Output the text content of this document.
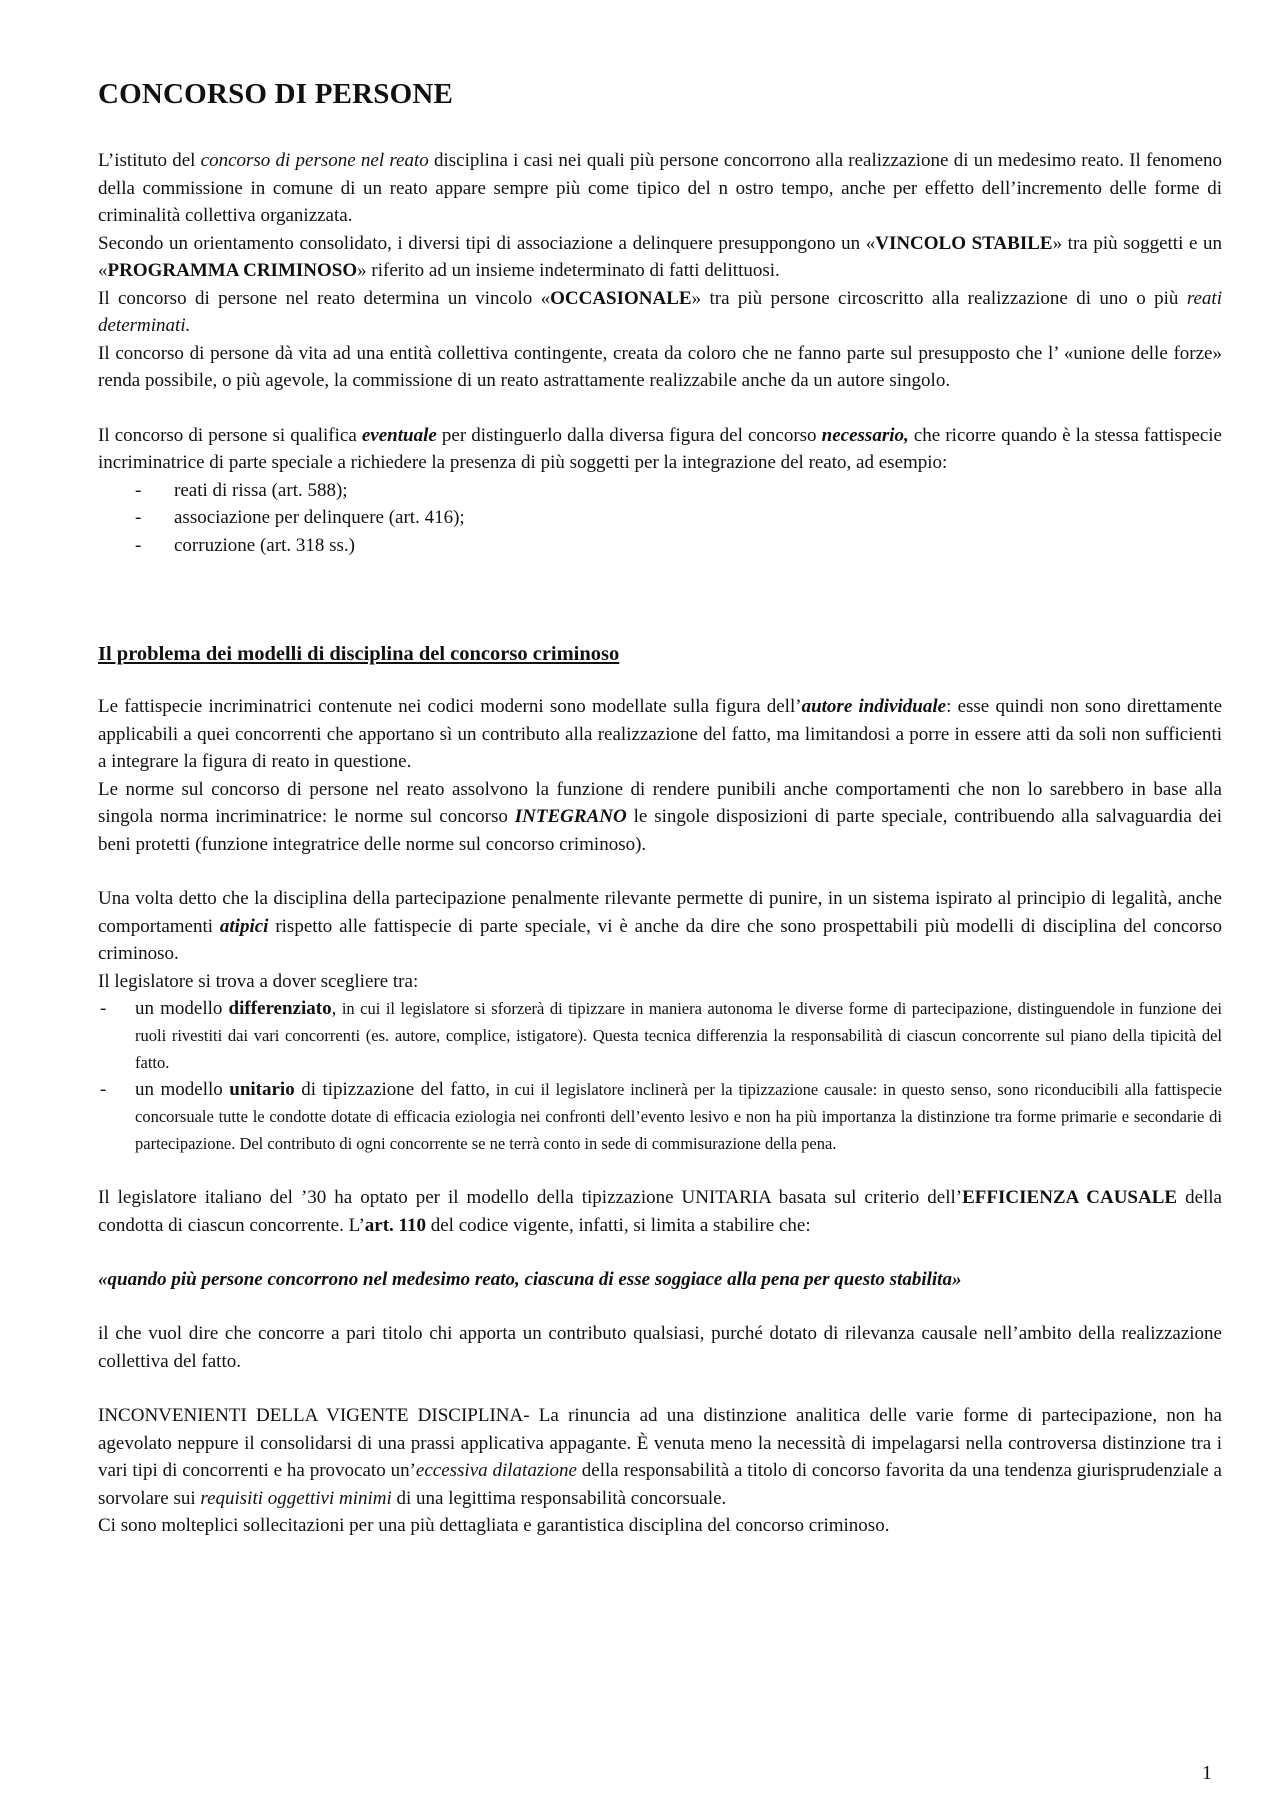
CONCORSO DI PERSONE

L’istituto del concorso di persone nel reato disciplina i casi nei quali più persone concorrono alla realizzazione di un medesimo reato. Il fenomeno della commissione in comune di un reato appare sempre più come tipico del n ostro tempo, anche per effetto dell’incremento delle forme di criminalità collettiva organizzata.

Secondo un orientamento consolidato, i diversi tipi di associazione a delinquere presuppongono un «VINCOLO STABILE» tra più soggetti e un «PROGRAMMA CRIMINOSO» riferito ad un insieme indeterminato di fatti delittuosi.

Il concorso di persone nel reato determina un vincolo «OCCASIONALE» tra più persone circoscritto alla realizzazione di uno o più reati determinati.

Il concorso di persone dà vita ad una entità collettiva contingente, creata da coloro che ne fanno parte sul presupposto che l’ «unione delle forze» renda possibile, o più agevole, la commissione di un reato astrattamente realizzabile anche da un autore singolo.

Il concorso di persone si qualifica eventuale per distinguerlo dalla diversa figura del concorso necessario, che ricorre quando è la stessa fattispecie incriminatrice di parte speciale a richiedere la presenza di più soggetti per la integrazione del reato, ad esempio:

- reati di rissa (art. 588);
- associazione per delinquere (art. 416);
- corruzione (art. 318 ss.)
Il problema dei modelli di disciplina del concorso criminoso

Le fattispecie incriminatrici contenute nei codici moderni sono modellate sulla figura dell’autore individuale: esse quindi non sono direttamente applicabili a quei concorrenti che apportano sì un contributo alla realizzazione del fatto, ma limitandosi a porre in essere atti da soli non sufficienti a integrare la figura di reato in questione.

Le norme sul concorso di persone nel reato assolvono la funzione di rendere punibili anche comportamenti che non lo sarebbero in base alla singola norma incriminatrice: le norme sul concorso INTEGRANO le singole disposizioni di parte speciale, contribuendo alla salvaguardia dei beni protetti (funzione integratrice delle norme sul concorso criminoso).

Una volta detto che la disciplina della partecipazione penalmente rilevante permette di punire, in un sistema ispirato al principio di legalità, anche comportamenti atipici rispetto alle fattispecie di parte speciale, vi è anche da dire che sono prospettabili più modelli di disciplina del concorso criminoso.

Il legislatore si trova a dover scegliere tra:

- un modello differenziato, in cui il legislatore si sforzerà di tipizzare in maniera autonoma le diverse forme di partecipazione, distinguendole in funzione dei ruoli rivestiti dai vari concorrenti (es. autore, complice, istigatore). Questa tecnica differenzia la responsabilità di ciascun concorrente sul piano della tipicità del fatto.
- un modello unitario di tipizzazione del fatto, in cui il legislatore inclinerà per la tipizzazione causale: in questo senso, sono riconducibili alla fattispecie concorsuale tutte le condotte dotate di efficacia eziologia nei confronti dell’evento lesivo e non ha più importanza la distinzione tra forme primarie e secondarie di partecipazione. Del contributo di ogni concorrente se ne terrà conto in sede di commisurazione della pena.

Il legislatore italiano del ’30 ha optato per il modello della tipizzazione UNITARIA basata sul criterio dell’EFFICIENZA CAUSALE della condotta di ciascun concorrente. L’art. 110 del codice vigente, infatti, si limita a stabilire che:

«quando più persone concorrono nel medesimo reato, ciascuna di esse soggiace alla pena per questo stabilita»

il che vuol dire che concorre a pari titolo chi apporta un contributo qualsiasi, purché dotato di rilevanza causale nell’ambito della realizzazione collettiva del fatto.

INCONVENIENTI DELLA VIGENTE DISCIPLINA- La rinuncia ad una distinzione analitica delle varie forme di partecipazione, non ha agevolato neppure il consolidarsi di una prassi applicativa appagante. È venuta meno la necessità di impelagarsi nella controversa distinzione tra i vari tipi di concorrenti e ha provocato un’eccessiva dilatazione della responsabilità a titolo di concorso favorita da una tendenza giurisprudenziale a sorvolare sui requisiti oggettivi minimi di una legittima responsabilità concorsuale.

Ci sono molteplici sollecitazioni per una più dettagliata e garantistica disciplina del concorso criminoso.

1
